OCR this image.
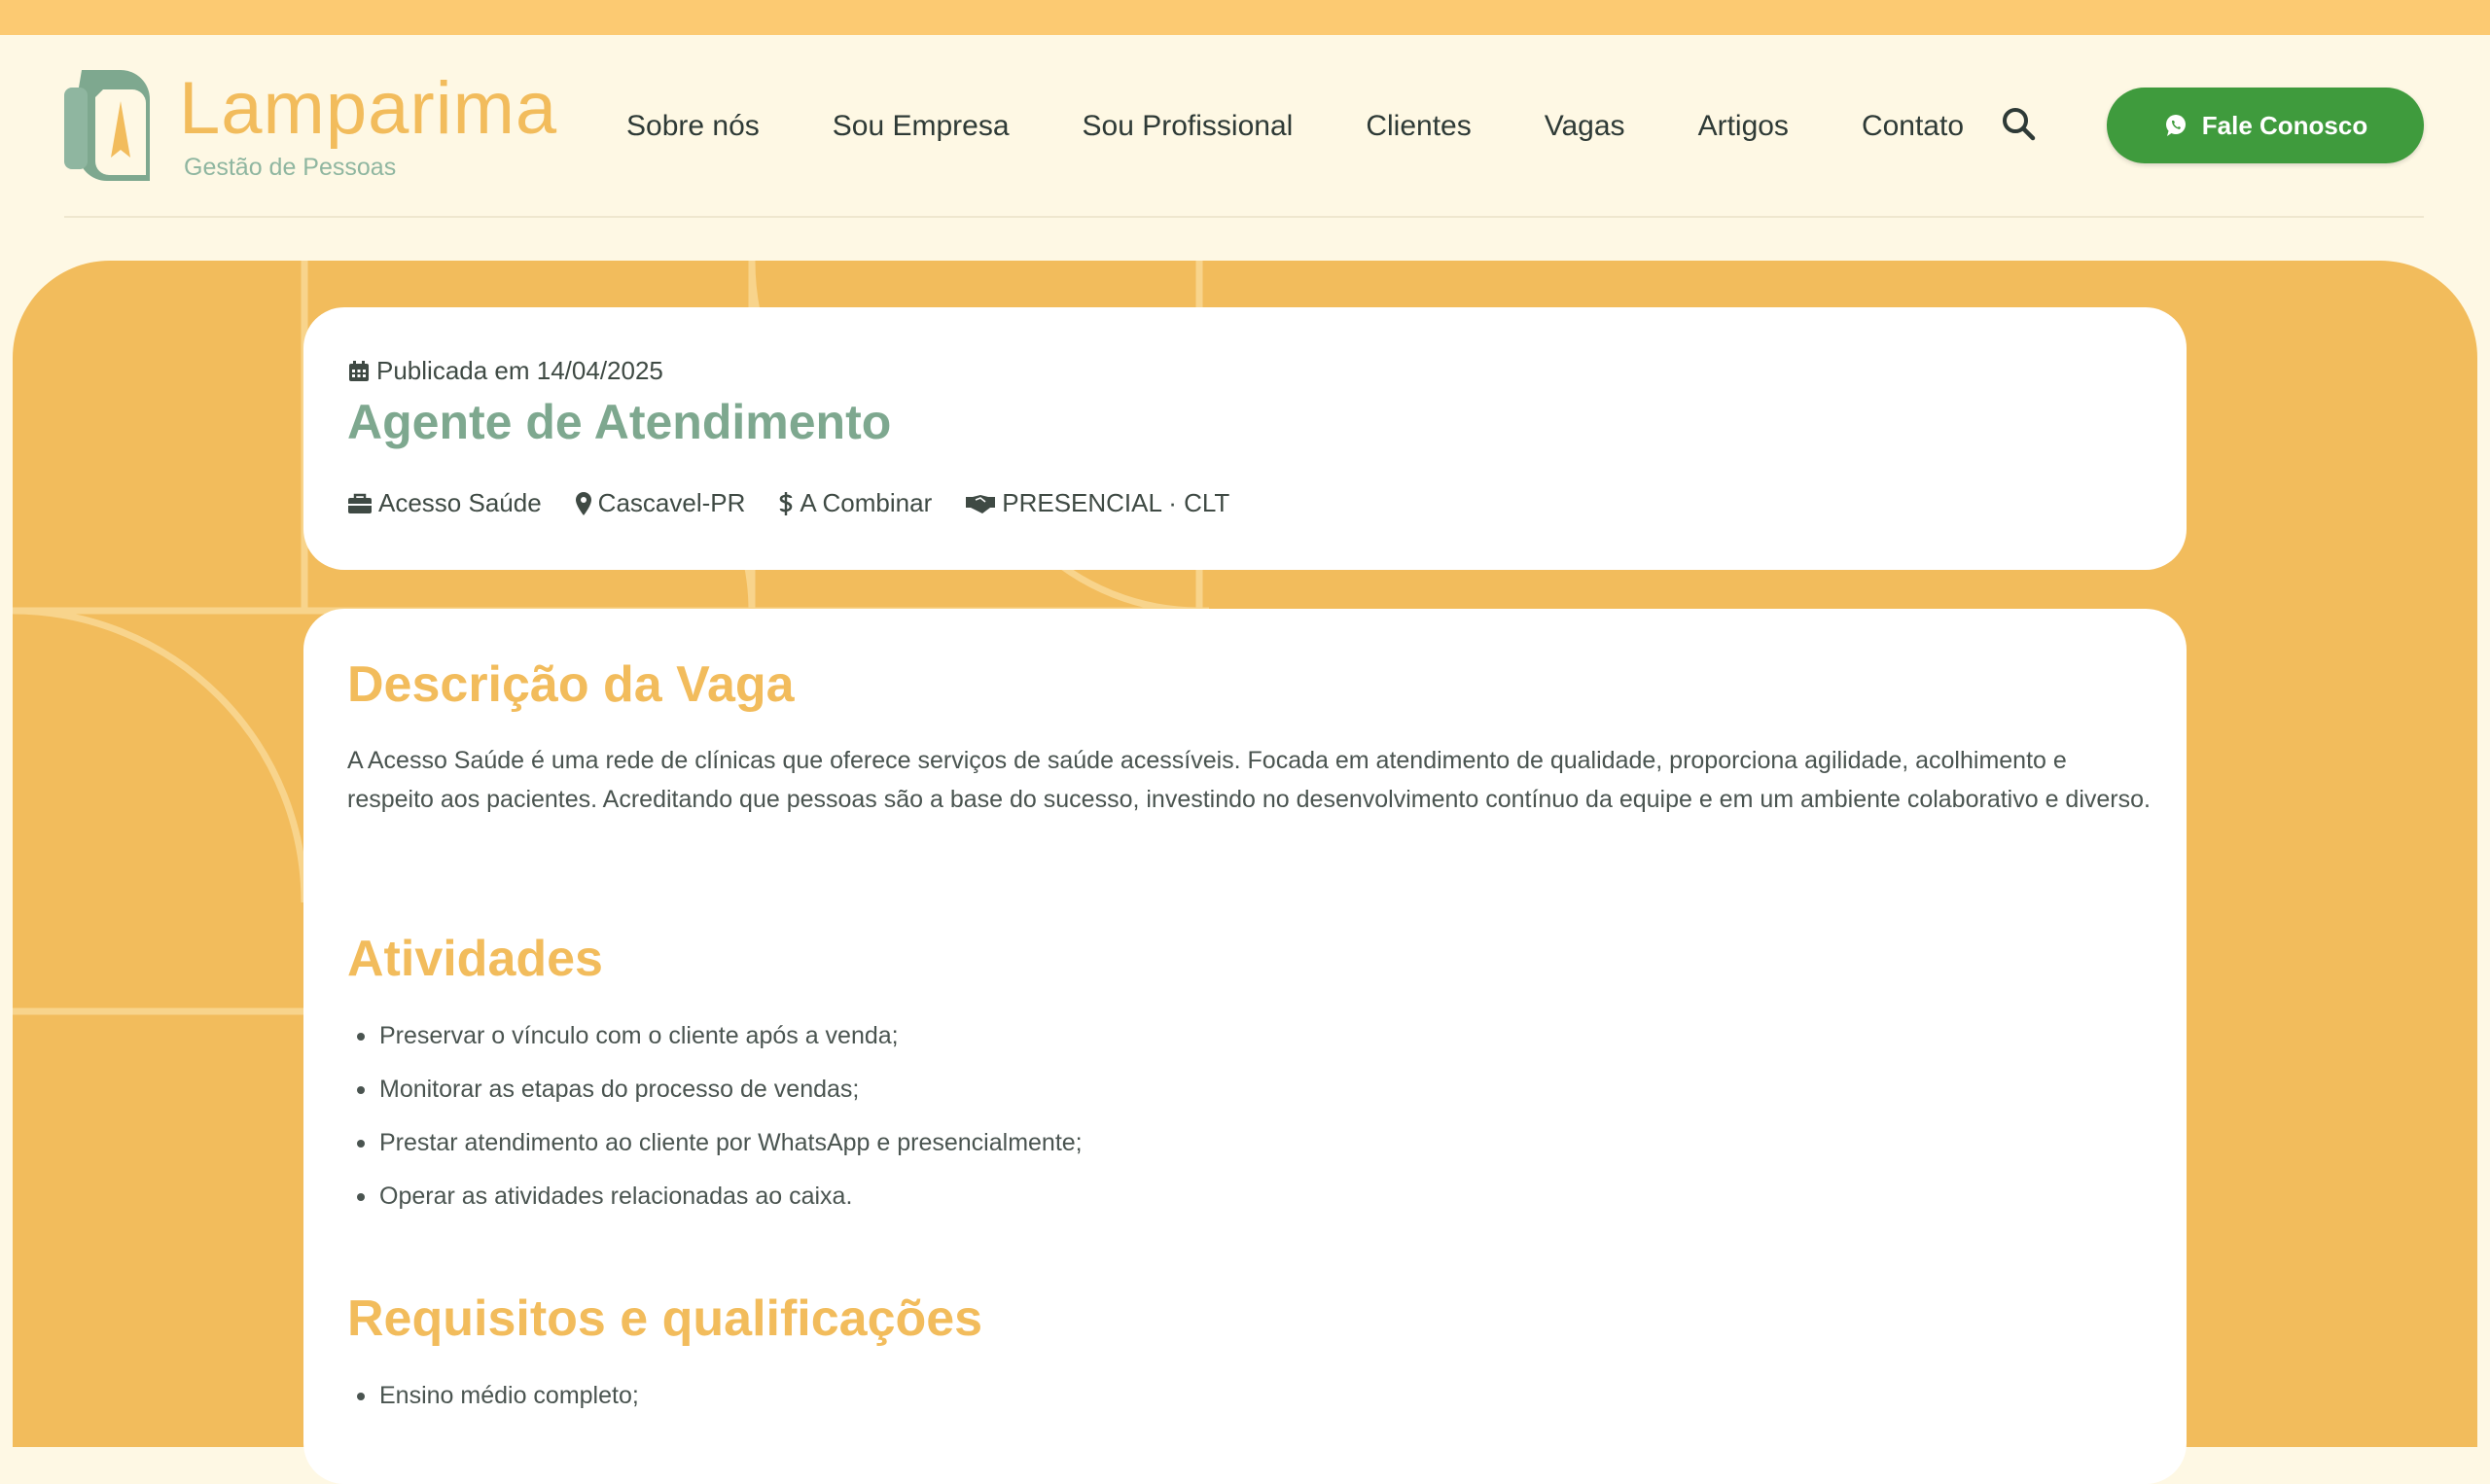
Lamparima
Gestão de Pessoas
Sobre nós	Sou Empresa	Sou Profissional	Clientes	Vagas	Artigos	Contato	Fale Conosco
Publicada em 14/04/2025
Agente de Atendimento
Acesso Saúde Cascavel-PR A Combinar	PRESENCIAL · CLT
Descrição da Vaga

A Acesso Saúde é uma rede de clínicas que oferece serviços de saúde acessíveis. Focada em atendimento de qualidade, proporciona agilidade, acolhimento e respeito aos pacientes. Acreditando que pessoas são a base do sucesso, investindo no desenvolvimento contínuo da equipe e em um ambiente colaborativo e diverso.

Atividades
Preservar o vínculo com o cliente após a venda;
Monitorar as etapas do processo de vendas;
Prestar atendimento ao cliente por WhatsApp e presencialmente;
Operar as atividades relacionadas ao caixa.
Requisitos e qualificações
Ensino médio completo;
